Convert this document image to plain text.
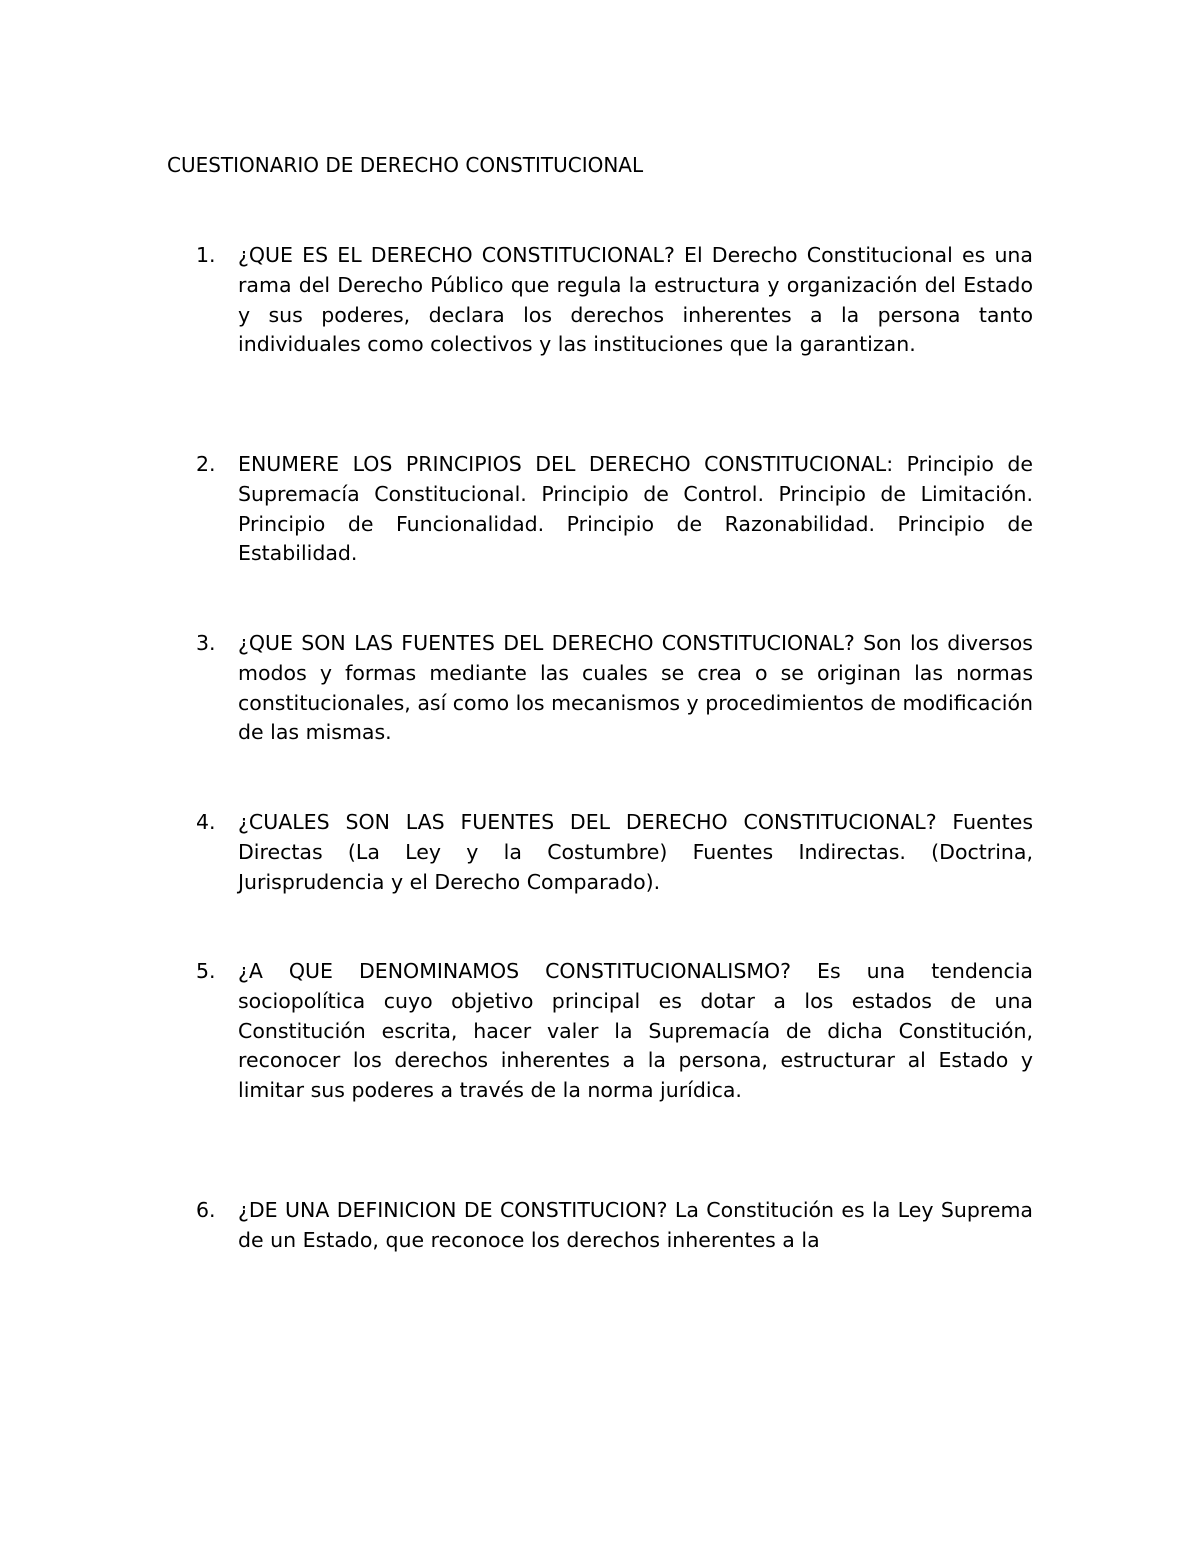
CUESTIONARIO DE DERECHO CONSTITUCIONAL
1.	¿QUE ES EL DERECHO CONSTITUCIONAL? El Derecho Constitucional es una rama del Derecho Público que regula la estructura y organización del Estado y sus poderes, declara los derechos inherentes a la persona tanto individuales como colectivos y las instituciones que la garantizan.

2.	ENUMERE LOS PRINCIPIOS DEL DERECHO CONSTITUCIONAL: Principio de Supremacía Constitucional. Principio de Control. Principio de Limitación. Principio de Funcionalidad. Principio de Razonabilidad. Principio de Estabilidad.

3.	¿QUE SON LAS FUENTES DEL DERECHO CONSTITUCIONAL? Son los diversos modos y formas mediante las cuales se crea o se originan las normas constitucionales, así como los mecanismos y procedimientos de modificación de las mismas.

4.	¿CUALES SON LAS FUENTES DEL DERECHO CONSTITUCIONAL? Fuentes Directas (La Ley y la Costumbre) Fuentes Indirectas. (Doctrina, Jurisprudencia y el Derecho Comparado).

5.	¿A QUE DENOMINAMOS CONSTITUCIONALISMO? Es una tendencia sociopolítica cuyo objetivo principal es dotar a los estados de una Constitución escrita, hacer valer la Supremacía de dicha Constitución, reconocer los derechos inherentes a la persona, estructurar al Estado y limitar sus poderes a través de la norma jurídica.

6.	¿DE UNA DEFINICION DE CONSTITUCION? La Constitución es la Ley Suprema de un Estado, que reconoce los derechos inherentes a la
